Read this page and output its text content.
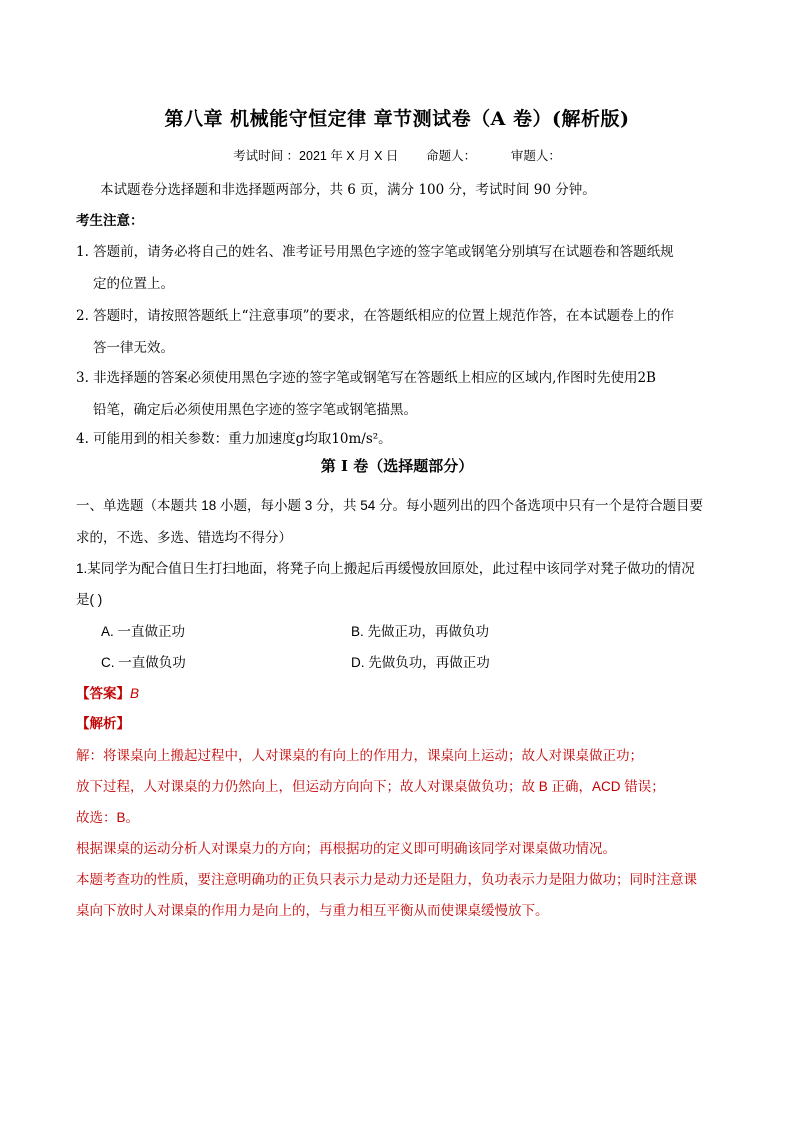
第八章 机械能守恒定律 章节测试卷（A 卷）(解析版)
考试时间 ：2021 年 X 月 X 日        命题人：          审题人：
本试题卷分选择题和非选择题两部分，共 6 页，满分 100 分，考试时间 90 分钟。
考生注意：
1. 答题前，请务必将自己的姓名、准考证号用黑色字迹的签字笔或钢笔分别填写在试题卷和答题纸规
定的位置上。
2. 答题时，请按照答题纸上“注意事项”的要求，在答题纸相应的位置上规范作答，在本试题卷上的作
答一律无效。
3. 非选择题的答案必须使用黑色字迹的签字笔或钢笔写在答题纸上相应的区域内,作图时先使用2B
铅笔，确定后必须使用黑色字迹的签字笔或钢笔描黑。
4. 可能用到的相关参数：重力加速度g均取10m/s²。
第 I 卷（选择题部分）
一、单选题（本题共 18 小题，每小题 3 分，共 54 分。每小题列出的四个备选项中只有一个是符合题目要
求的，不选、多选、错选均不得分）
1.某同学为配合值日生打扫地面，将凳子向上搬起后再缓慢放回原处，此过程中该同学对凳子做功的情况
是( )
A. 一直做正功	B. 先做正功，再做负功
C. 一直做负功	D. 先做负功，再做正功
【答案】B
【解析】
解：将课桌向上搬起过程中，人对课桌的有向上的作用力，课桌向上运动；故人对课桌做正功；
放下过程，人对课桌的力仍然向上，但运动方向向下；故人对课桌做负功；故 B 正确，ACD 错误；
故选：B。
根据课桌的运动分析人对课桌力的方向；再根据功的定义即可明确该同学对课桌做功情况。
本题考查功的性质，要注意明确功的正负只表示力是动力还是阻力，负功表示力是阻力做功；同时注意课
桌向下放时人对课桌的作用力是向上的，与重力相互平衡从而使课桌缓慢放下。
